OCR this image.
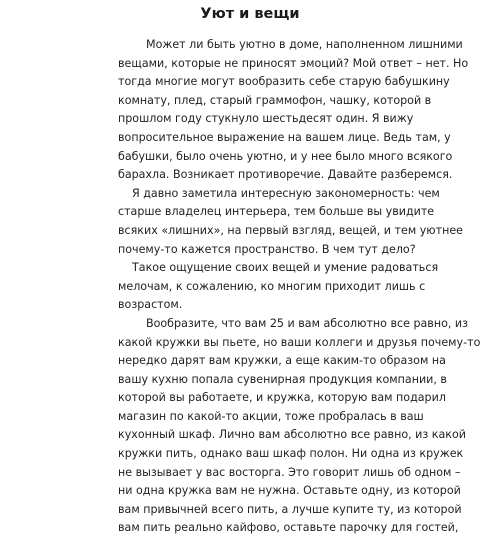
Уют и вещи
Может ли быть уютно в доме, наполненном лишними
вещами, которые не приносят эмоций? Мой ответ – нет. Но
тогда многие могут вообразить себе старую бабушкину
комнату, плед, старый граммофон, чашку, которой в
прошлом году стукнуло шестьдесят один. Я вижу
вопросительное выражение на вашем лице. Ведь там, у
бабушки, было очень уютно, и у нее было много всякого
барахла. Возникает противоречие. Давайте разберемся.
Я давно заметила интересную закономерность: чем
старше владелец интерьера, тем больше вы увидите
всяких «лишних», на первый взгляд, вещей, и тем уютнее
почему-то кажется пространство. В чем тут дело?
Такое ощущение своих вещей и умение радоваться
мелочам, к сожалению, ко многим приходит лишь с
возрастом.
Вообразите, что вам 25 и вам абсолютно все равно, из
какой кружки вы пьете, но ваши коллеги и друзья почему-то
нередко дарят вам кружки, а еще каким-то образом на
вашу кухню попала сувенирная продукция компании, в
которой вы работаете, и кружка, которую вам подарил
магазин по какой-то акции, тоже пробралась в ваш
кухонный шкаф. Лично вам абсолютно все равно, из какой
кружки пить, однако ваш шкаф полон. Ни одна из кружек
не вызывает у вас восторга. Это говорит лишь об одном –
ни одна кружка вам не нужна. Оставьте одну, из которой
вам привычней всего пить, а лучше купите ту, из которой
вам пить реально кайфово, оставьте парочку для гостей,
